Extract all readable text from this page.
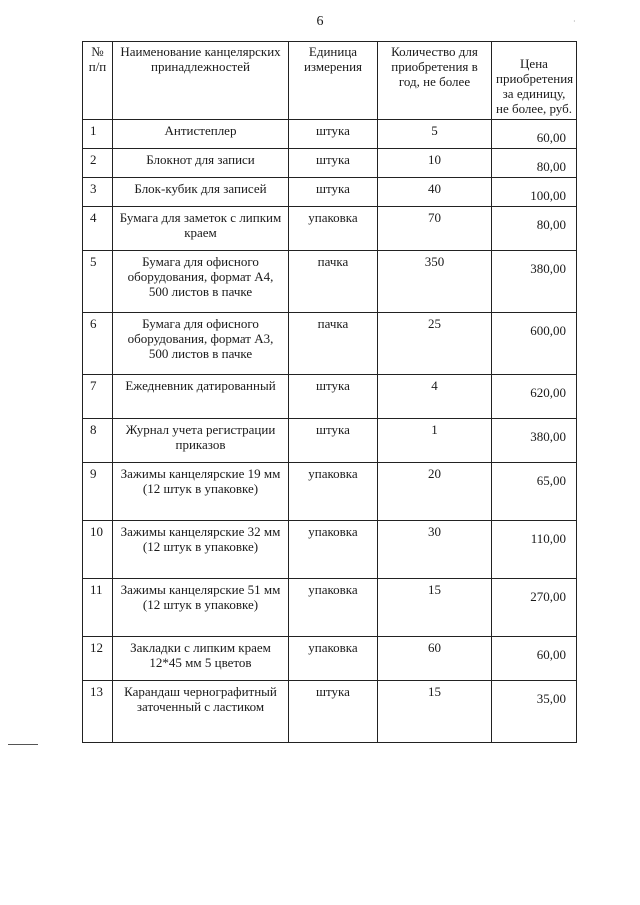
6	·
№ п/п	Наименование канцелярских принадлежностей	Единица измерения	Количество для приобретения в год, не более	Цена приобретения за единицу, не более, руб.
1	Антистеплер	штука	5	60,00
2	Блокнот для записи	штука	10	80,00
3	Блок-кубик для записей	штука	40	100,00
4	Бумага для заметок с липким краем	упаковка	70	80,00
5	Бумага для офисного оборудования, формат А4, 500 листов в пачке	пачка	350	380,00
6	Бумага для офисного оборудования, формат А3, 500 листов в пачке	пачка	25	600,00
7	Ежедневник датированный	штука	4	620,00
8	Журнал учета регистрации приказов	штука	1	380,00
9	Зажимы канцелярские 19 мм (12 штук в упаковке)	упаковка	20	65,00
10	Зажимы канцелярские 32 мм (12 штук в упаковке)	упаковка	30	110,00
11	Зажимы канцелярские 51 мм (12 штук в упаковке)	упаковка	15	270,00
12	Закладки с липким краем 12*45 мм 5 цветов	упаковка	60	60,00
13	Карандаш чернографитный заточенный с ластиком	штука	15	35,00
